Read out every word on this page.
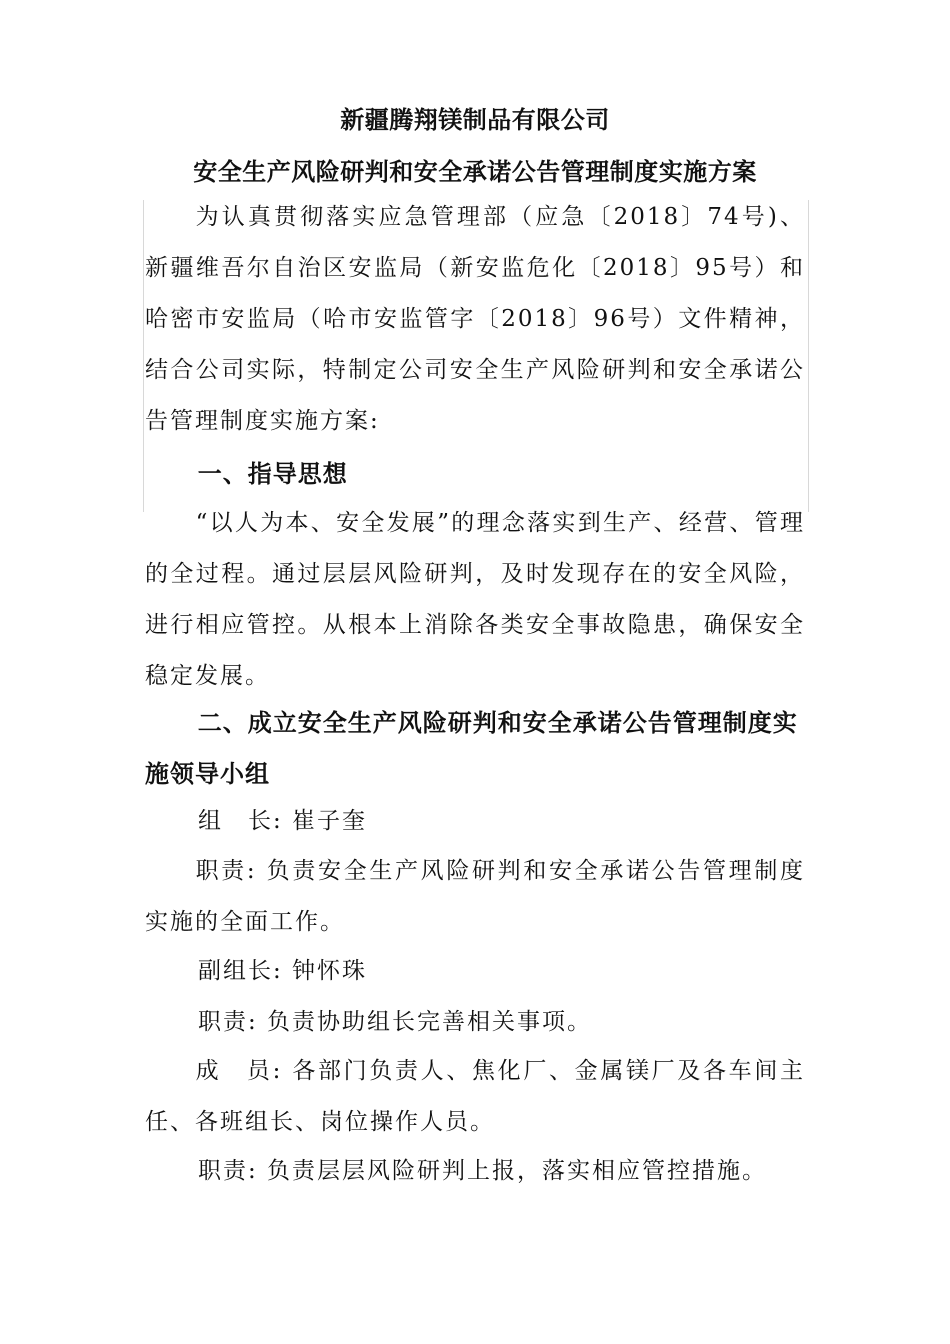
新疆腾翔镁制品有限公司
安全生产风险研判和安全承诺公告管理制度实施方案
为认真贯彻落实应急管理部（应急〔2018〕74号)、新疆维吾尔自治区安监局（新安监危化〔2018〕95号）和哈密市安监局（哈市安监管字〔2018〕96号）文件精神，结合公司实际，特制定公司安全生产风险研判和安全承诺公告管理制度实施方案:
一、指导思想
“以人为本、安全发展”的理念落实到生产、经营、管理的全过程。通过层层风险研判，及时发现存在的安全风险，进行相应管控。从根本上消除各类安全事故隐患，确保安全稳定发展。
二、成立安全生产风险研判和安全承诺公告管理制度实施领导小组
组　长: 崔子奎
职责: 负责安全生产风险研判和安全承诺公告管理制度实施的全面工作。
副组长: 钟怀珠
职责: 负责协助组长完善相关事项。
成　员: 各部门负责人、焦化厂、金属镁厂及各车间主任、各班组长、岗位操作人员。
职责: 负责层层风险研判上报，落实相应管控措施。
